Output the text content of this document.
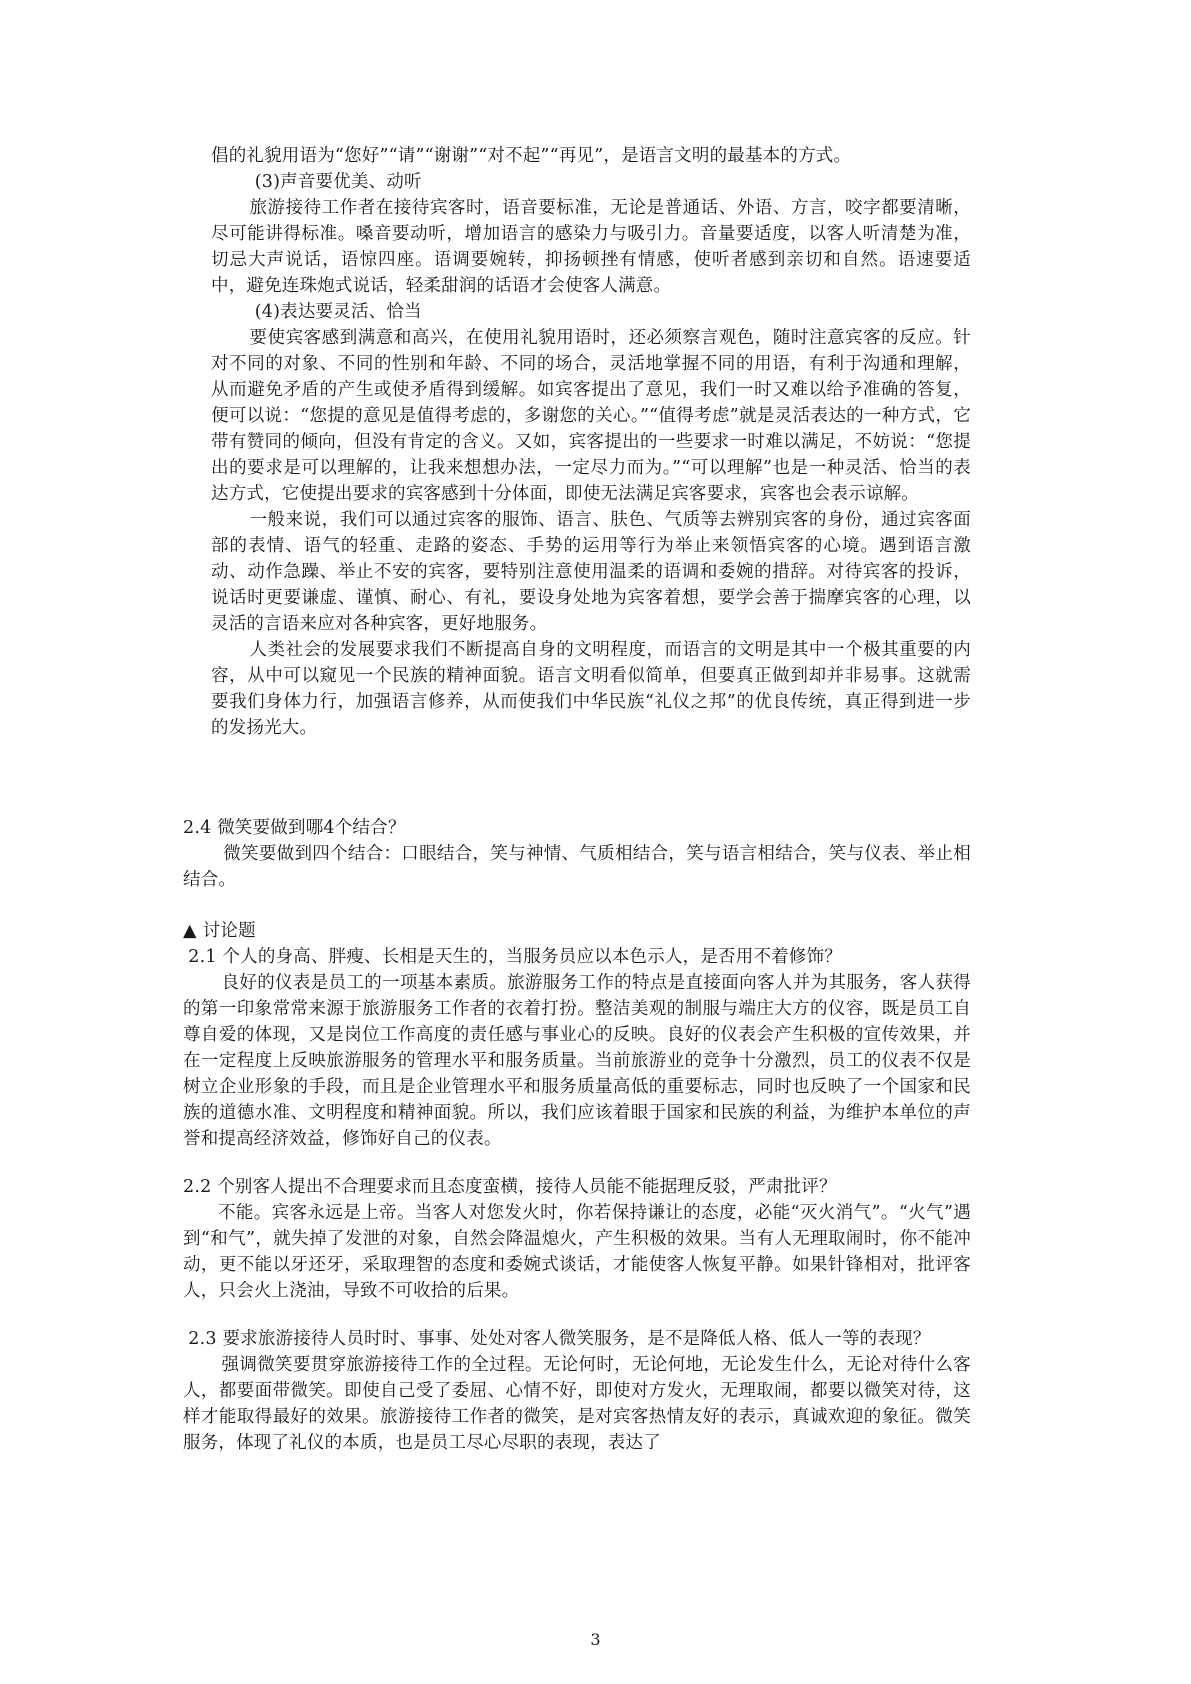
倡的礼貌用语为“您好”“请”“谢谢”“对不起”“再见”，是语言文明的最基本的方式。

(3)声音要优美、动听

旅游接待工作者在接待宾客时，语音要标准，无论是普通话、外语、方言，咬字都要清晰，尽可能讲得标准。嗓音要动听，增加语言的感染力与吸引力。音量要适度，以客人听清楚为准，切忌大声说话，语惊四座。语调要婉转，抑扬顿挫有情感，使听者感到亲切和自然。语速要适中，避免连珠炮式说话，轻柔甜润的话语才会使客人满意。

(4)表达要灵活、恰当

要使宾客感到满意和高兴，在使用礼貌用语时，还必须察言观色，随时注意宾客的反应。针对不同的对象、不同的性别和年龄、不同的场合，灵活地掌握不同的用语，有利于沟通和理解，从而避免矛盾的产生或使矛盾得到缓解。如宾客提出了意见，我们一时又难以给予准确的答复，便可以说：“您提的意见是值得考虑的，多谢您的关心。”“值得考虑”就是灵活表达的一种方式，它带有赞同的倾向，但没有肯定的含义。又如，宾客提出的一些要求一时难以满足，不妨说：“您提出的要求是可以理解的，让我来想想办法，一定尽力而为。”“可以理解”也是一种灵活、恰当的表达方式，它使提出要求的宾客感到十分体面，即使无法满足宾客要求，宾客也会表示谅解。

一般来说，我们可以通过宾客的服饰、语言、肤色、气质等去辨别宾客的身份，通过宾客面部的表情、语气的轻重、走路的姿态、手势的运用等行为举止来领悟宾客的心境。遇到语言激动、动作急躁、举止不安的宾客，要特别注意使用温柔的语调和委婉的措辞。对待宾客的投诉，说话时更要谦虚、谨慎、耐心、有礼，要设身处地为宾客着想，要学会善于揣摩宾客的心理，以灵活的言语来应对各种宾客，更好地服务。

人类社会的发展要求我们不断提高自身的文明程度，而语言的文明是其中一个极其重要的内容，从中可以窥见一个民族的精神面貌。语言文明看似简单，但要真正做到却并非易事。这就需要我们身体力行，加强语言修养，从而使我们中华民族“礼仪之邦”的优良传统，真正得到进一步的发扬光大。

2.4 微笑要做到哪4个结合？

微笑要做到四个结合：口眼结合，笑与神情、气质相结合，笑与语言相结合，笑与仪表、举止相结合。

▲ 讨论题

2.1 个人的身高、胖瘦、长相是天生的，当服务员应以本色示人，是否用不着修饰？

良好的仪表是员工的一项基本素质。旅游服务工作的特点是直接面向客人并为其服务，客人获得的第一印象常常来源于旅游服务工作者的衣着打扮。整洁美观的制服与端庄大方的仪容，既是员工自尊自爱的体现，又是岗位工作高度的责任感与事业心的反映。良好的仪表会产生积极的宣传效果，并在一定程度上反映旅游服务的管理水平和服务质量。当前旅游业的竞争十分激烈，员工的仪表不仅是树立企业形象的手段，而且是企业管理水平和服务质量高低的重要标志，同时也反映了一个国家和民族的道德水准、文明程度和精神面貌。所以，我们应该着眼于国家和民族的利益，为维护本单位的声誉和提高经济效益，修饰好自己的仪表。

2.2 个别客人提出不合理要求而且态度蛮横，接待人员能不能据理反驳，严肃批评？

不能。宾客永远是上帝。当客人对您发火时，你若保持谦让的态度，必能“灭火消气”。“火气”遇到“和气”，就失掉了发泄的对象，自然会降温熄火，产生积极的效果。当有人无理取闹时，你不能冲动，更不能以牙还牙，采取理智的态度和委婉式谈话，才能使客人恢复平静。如果针锋相对，批评客人，只会火上浇油，导致不可收拾的后果。

2.3 要求旅游接待人员时时、事事、处处对客人微笑服务，是不是降低人格、低人一等的表现？

强调微笑要贯穿旅游接待工作的全过程。无论何时，无论何地，无论发生什么，无论对待什么客人，都要面带微笑。即使自己受了委屈、心情不好，即使对方发火，无理取闹，都要以微笑对待，这样才能取得最好的效果。旅游接待工作者的微笑，是对宾客热情友好的表示，真诚欢迎的象征。微笑服务，体现了礼仪的本质，也是员工尽心尽职的表现，表达了

3
